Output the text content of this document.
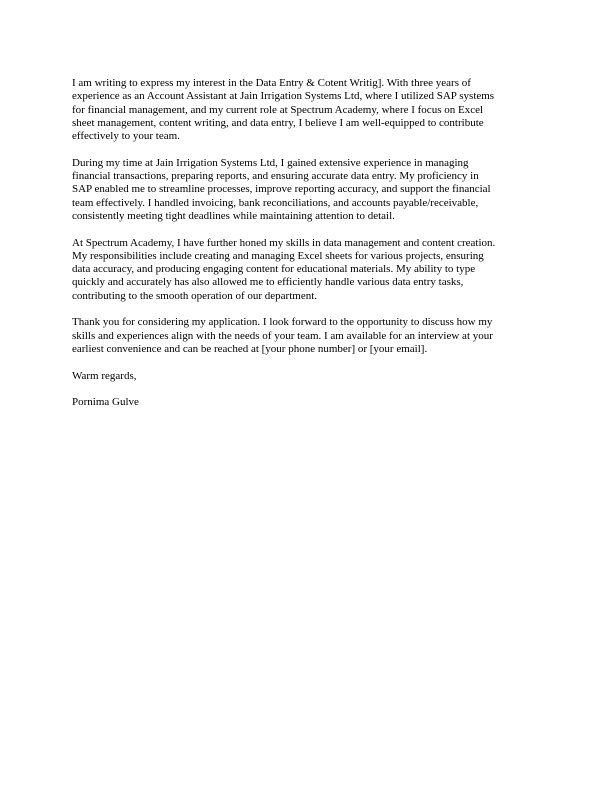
I am writing to express my interest in the Data Entry & Cotent Writig]. With three years of
experience as an Account Assistant at Jain Irrigation Systems Ltd, where I utilized SAP systems
for financial management, and my current role at Spectrum Academy, where I focus on Excel
sheet management, content writing, and data entry, I believe I am well-equipped to contribute
effectively to your team.
During my time at Jain Irrigation Systems Ltd, I gained extensive experience in managing
financial transactions, preparing reports, and ensuring accurate data entry. My proficiency in
SAP enabled me to streamline processes, improve reporting accuracy, and support the financial
team effectively. I handled invoicing, bank reconciliations, and accounts payable/receivable,
consistently meeting tight deadlines while maintaining attention to detail.
At Spectrum Academy, I have further honed my skills in data management and content creation.
My responsibilities include creating and managing Excel sheets for various projects, ensuring
data accuracy, and producing engaging content for educational materials. My ability to type
quickly and accurately has also allowed me to efficiently handle various data entry tasks,
contributing to the smooth operation of our department.
Thank you for considering my application. I look forward to the opportunity to discuss how my
skills and experiences align with the needs of your team. I am available for an interview at your
earliest convenience and can be reached at [your phone number] or [your email].
Warm regards,
Pornima Gulve
